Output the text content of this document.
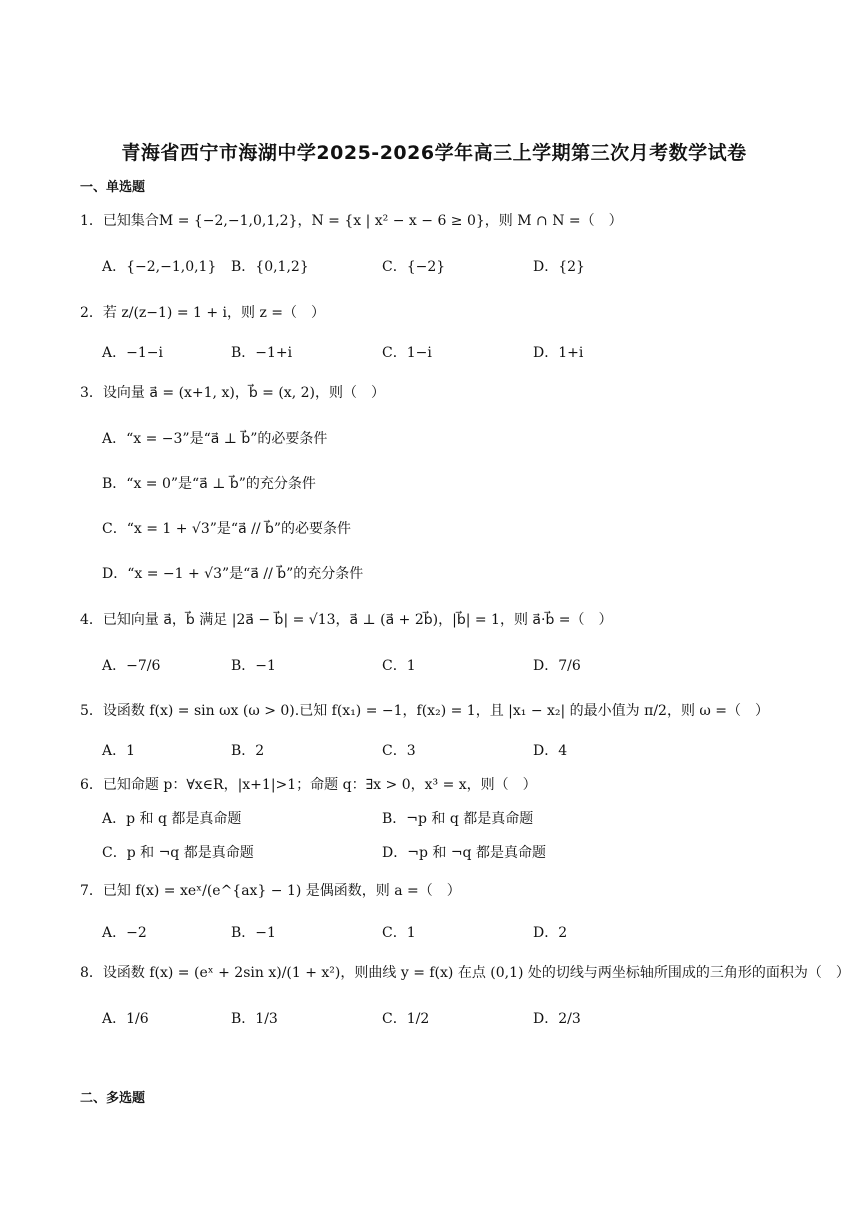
青海省西宁市海湖中学2025-2026学年高三上学期第三次月考数学试卷
一、单选题
1．已知集合M = {−2,−1,0,1,2}，N = {x | x² − x − 6 ≥ 0}，则 M ∩ N =（　）
A．{−2,−1,0,1} B．{0,1,2}	C．{−2}	D．{2}
2．若 z/(z−1) = 1 + i，则 z =（　）
A．−1−i	B．−1+i	C．1−i	D．1+i
3．设向量 a⃗ = (x+1, x)，b⃗ = (x, 2)，则（　）
A．“x = −3”是“a⃗ ⊥ b⃗”的必要条件
B．“x = 0”是“a⃗ ⊥ b⃗”的充分条件
C．“x = 1 + √3”是“a⃗ // b⃗”的必要条件
D．“x = −1 + √3”是“a⃗ // b⃗”的充分条件
4．已知向量 a⃗，b⃗ 满足 |2a⃗ − b⃗| = √13，a⃗ ⊥ (a⃗ + 2b⃗)，|b⃗| = 1，则 a⃗·b⃗ =（　）
A．−7/6	B．−1	C．1	D．7/6
5．设函数 f(x) = sin ωx (ω > 0).已知 f(x₁) = −1，f(x₂) = 1，且 |x₁ − x₂| 的最小值为 π/2，则 ω =（　）
A．1	B．2	C．3	D．4
6．已知命题 p：∀x∈R，|x+1|>1；命题 q：∃x > 0，x³ = x，则（　）
A．p 和 q 都是真命题	B．¬p 和 q 都是真命题
C．p 和 ¬q 都是真命题	D．¬p 和 ¬q 都是真命题
7．已知 f(x) = xeˣ/(e^{ax} − 1) 是偶函数，则 a =（　）
A．−2	B．−1	C．1	D．2
8．设函数 f(x) = (eˣ + 2sin x)/(1 + x²)，则曲线 y = f(x) 在点 (0,1) 处的切线与两坐标轴所围成的三角形的面积为（　）
A．1/6	B．1/3	C．1/2	D．2/3
二、多选题
